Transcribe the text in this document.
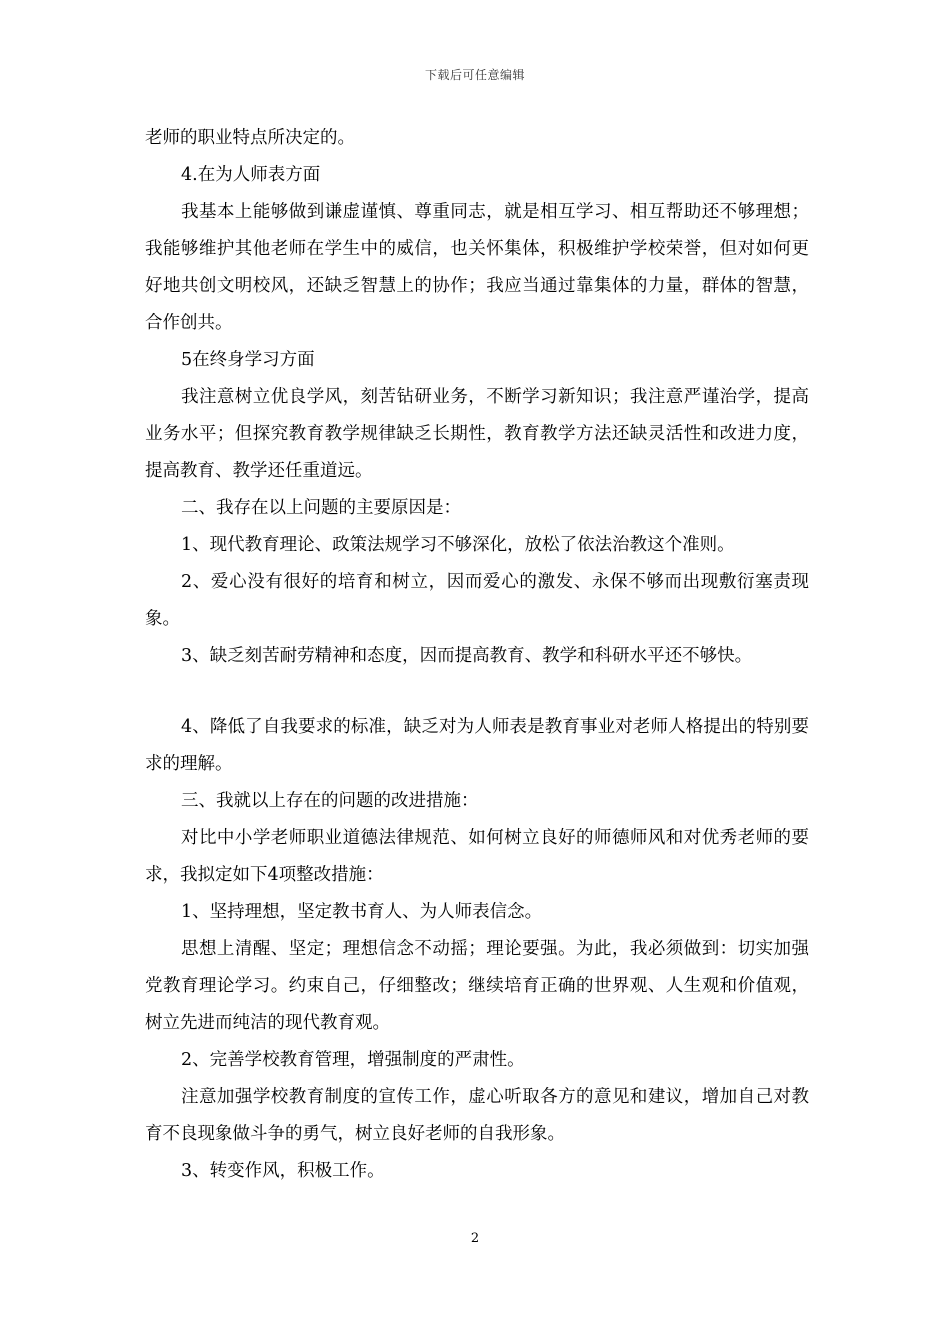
下载后可任意编辑

老师的职业特点所决定的。

4.在为人师表方面

我基本上能够做到谦虚谨慎、尊重同志，就是相互学习、相互帮助还不够理想；我能够维护其他老师在学生中的威信，也关怀集体，积极维护学校荣誉，但对如何更好地共创文明校风，还缺乏智慧上的协作；我应当通过靠集体的力量，群体的智慧，合作创共。

5在终身学习方面

我注意树立优良学风，刻苦钻研业务，不断学习新知识；我注意严谨治学，提高业务水平；但探究教育教学规律缺乏长期性，教育教学方法还缺灵活性和改进力度，提高教育、教学还任重道远。

二、我存在以上问题的主要原因是：

1、现代教育理论、政策法规学习不够深化，放松了依法治教这个准则。

2、爱心没有很好的培育和树立，因而爱心的激发、永保不够而出现敷衍塞责现象。

3、缺乏刻苦耐劳精神和态度，因而提高教育、教学和科研水平还不够快。

4、降低了自我要求的标准，缺乏对为人师表是教育事业对老师人格提出的特别要求的理解。

三、我就以上存在的问题的改进措施：

对比中小学老师职业道德法律规范、如何树立良好的师德师风和对优秀老师的要求，我拟定如下4项整改措施：

1、坚持理想，坚定教书育人、为人师表信念。

思想上清醒、坚定；理想信念不动摇；理论要强。为此，我必须做到：切实加强党教育理论学习。约束自己，仔细整改；继续培育正确的世界观、人生观和价值观，树立先进而纯洁的现代教育观。

2、完善学校教育管理，增强制度的严肃性。

注意加强学校教育制度的宣传工作，虚心听取各方的意见和建议，增加自己对教育不良现象做斗争的勇气，树立良好老师的自我形象。

3、转变作风，积极工作。

2
